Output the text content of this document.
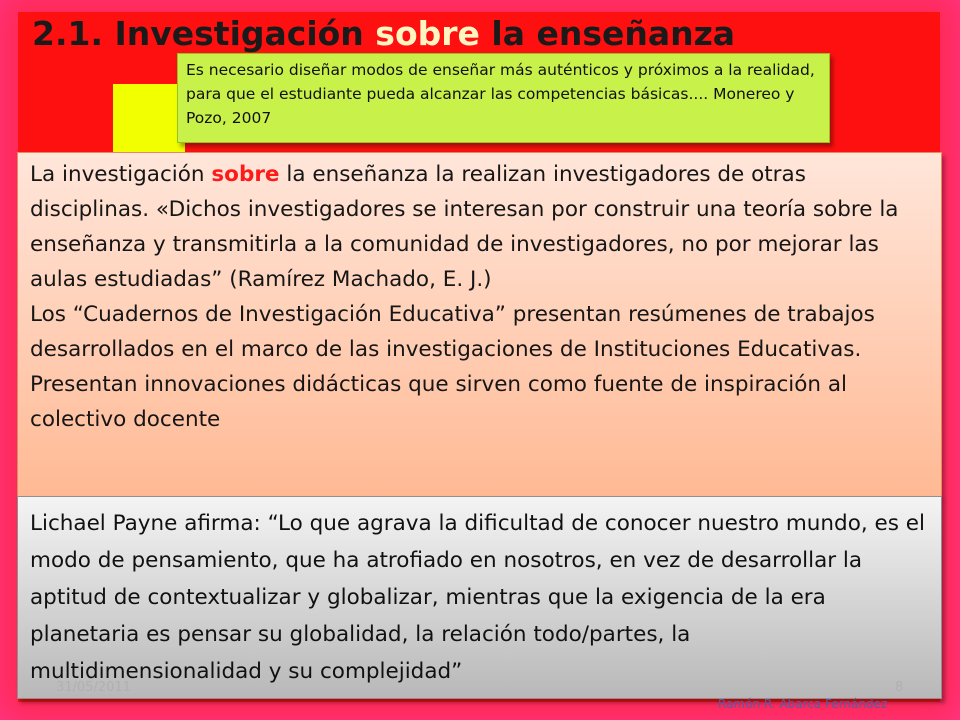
2.1. Investigación sobre la enseñanza
Es necesario diseñar modos de enseñar más auténticos y próximos a la realidad, para que el estudiante pueda alcanzar las competencias básicas.... Monereo y Pozo, 2007

La investigación sobre la enseñanza la realizan investigadores de otras disciplinas. «Dichos investigadores se interesan por construir una teoría sobre la enseñanza y transmitirla a la comunidad de investigadores, no por mejorar las aulas estudiadas” (Ramírez Machado, E. J.)

Los “Cuadernos de Investigación Educativa” presentan resúmenes de trabajos desarrollados en el marco de las investigaciones de Instituciones Educativas. Presentan innovaciones didácticas que sirven como fuente de inspiración al colectivo docente

Lichael Payne afirma: “Lo que agrava la dificultad de conocer nuestro mundo, es el modo de pensamiento, que ha atrofiado en nosotros, en vez de desarrollar la aptitud de contextualizar y globalizar, mientras que la exigencia de la era planetaria es pensar su globalidad, la relación todo/partes, la multidimensionalidad y su complejidad”
31/05/2011	8
Ramón R. Abarca Fernández
